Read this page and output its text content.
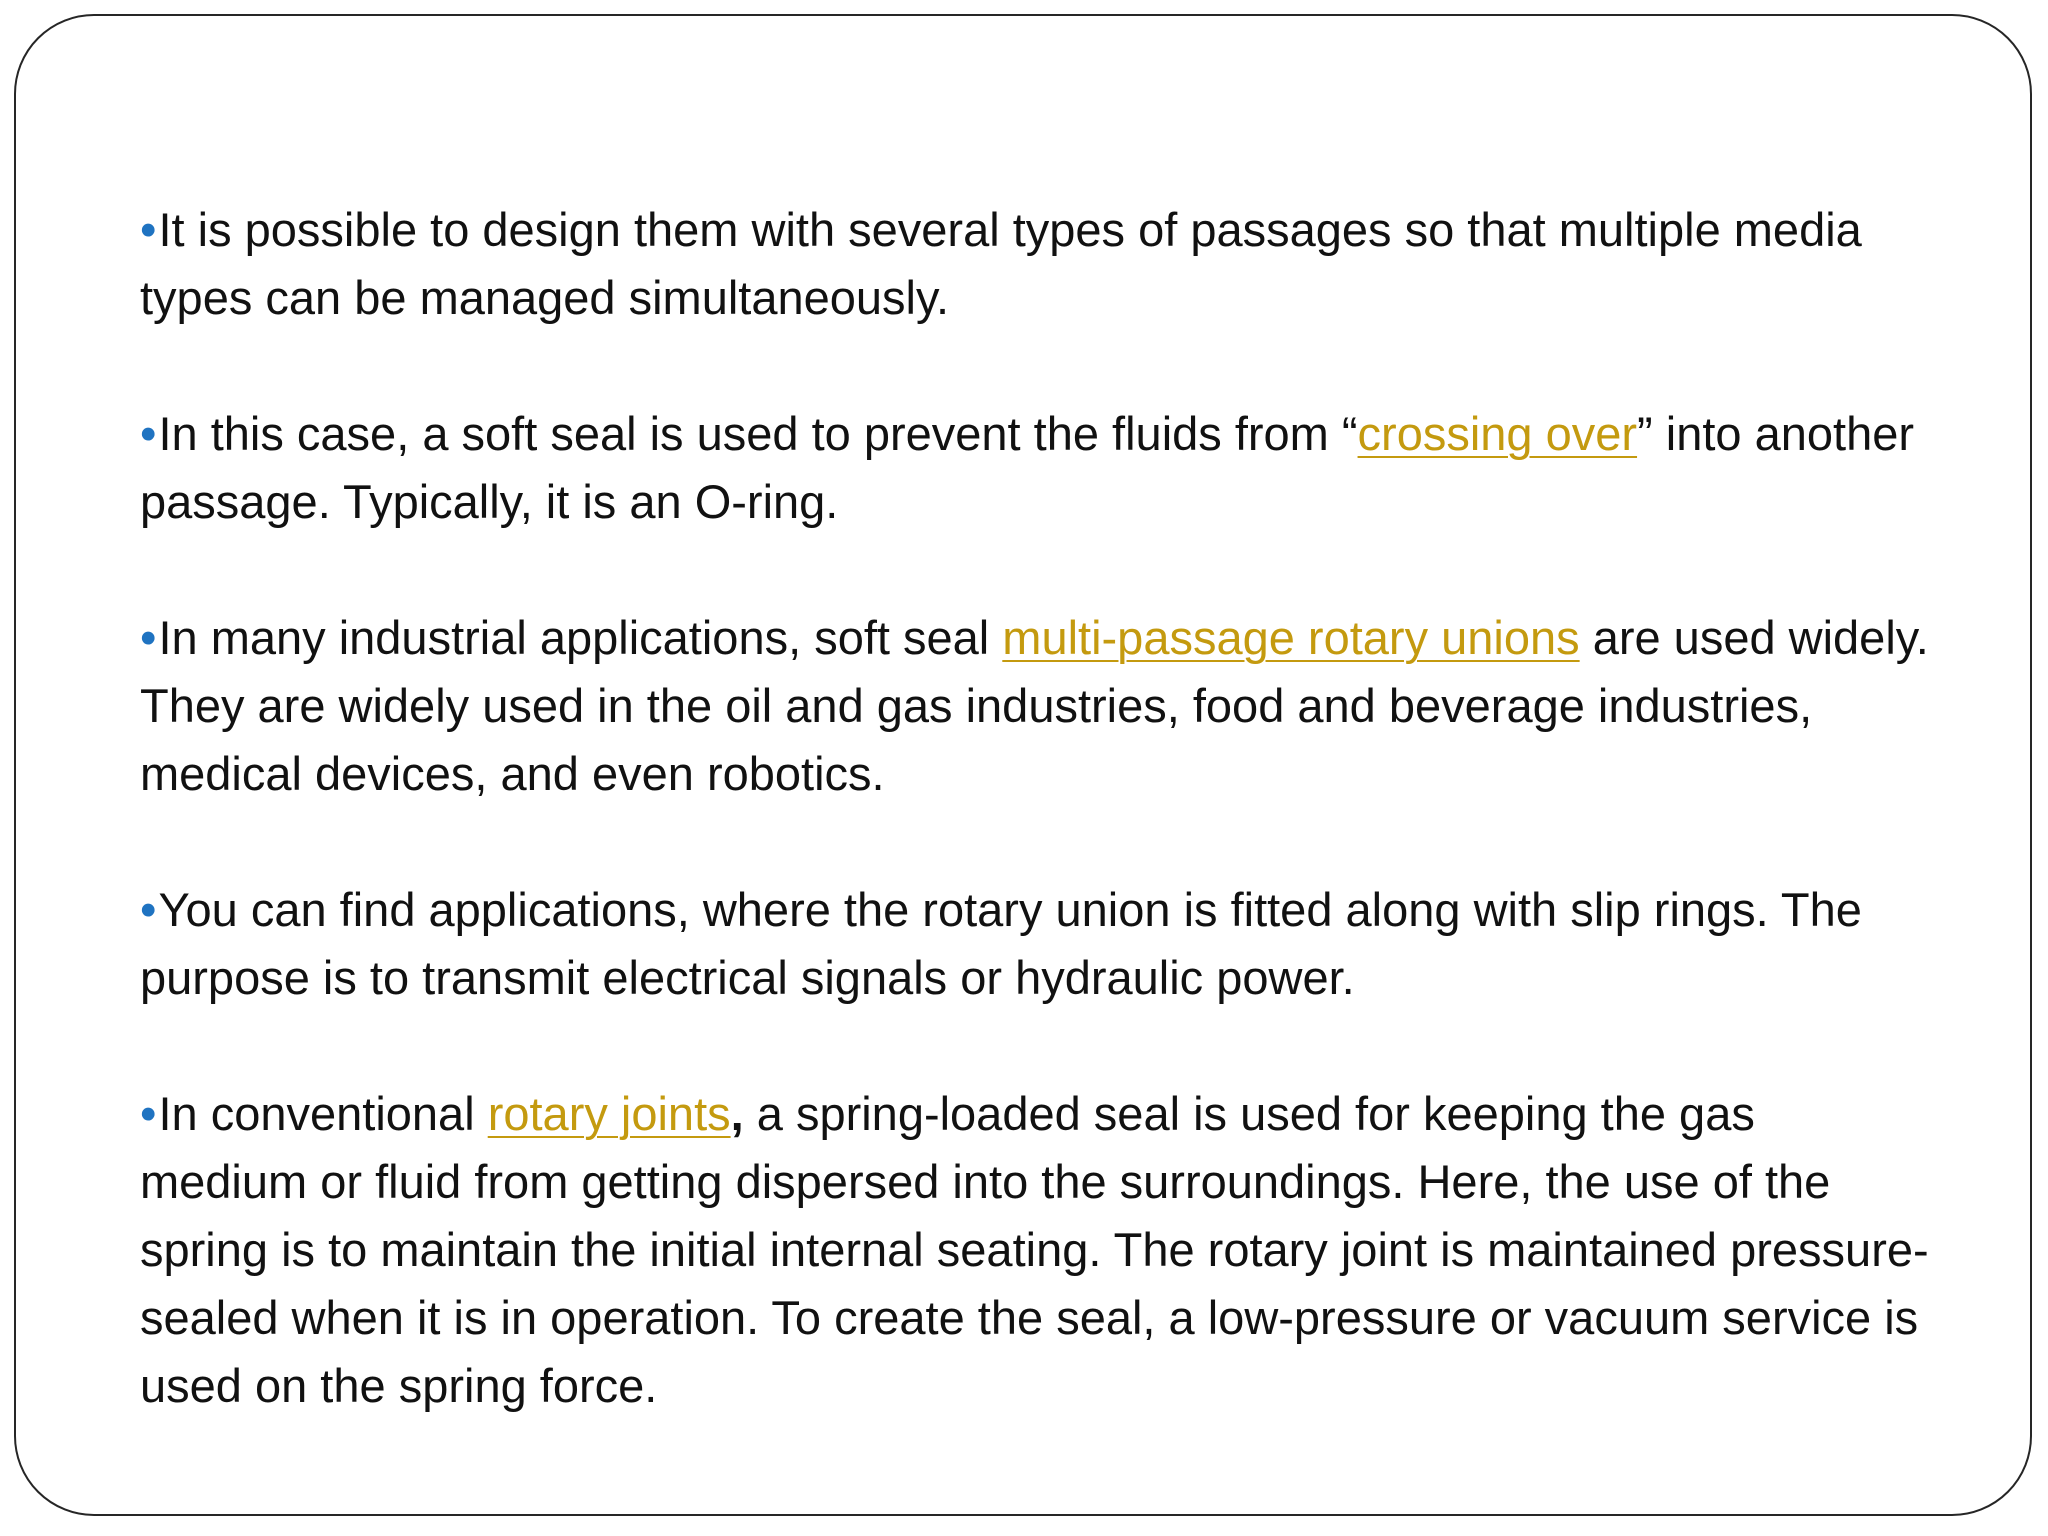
•It is possible to design them with several types of passages so that multiple media types can be managed simultaneously.

•In this case, a soft seal is used to prevent the fluids from “crossing over” into another passage. Typically, it is an O-ring.

•In many industrial applications, soft seal multi-passage rotary unions are used widely. They are widely used in the oil and gas industries, food and beverage industries, medical devices, and even robotics.

•You can find applications, where the rotary union is fitted along with slip rings. The purpose is to transmit electrical signals or hydraulic power.

•In conventional rotary joints, a spring-loaded seal is used for keeping the gas medium or fluid from getting dispersed into the surroundings. Here, the use of the spring is to maintain the initial internal seating. The rotary joint is maintained pressure-sealed when it is in operation. To create the seal, a low-pressure or vacuum service is used on the spring force.
